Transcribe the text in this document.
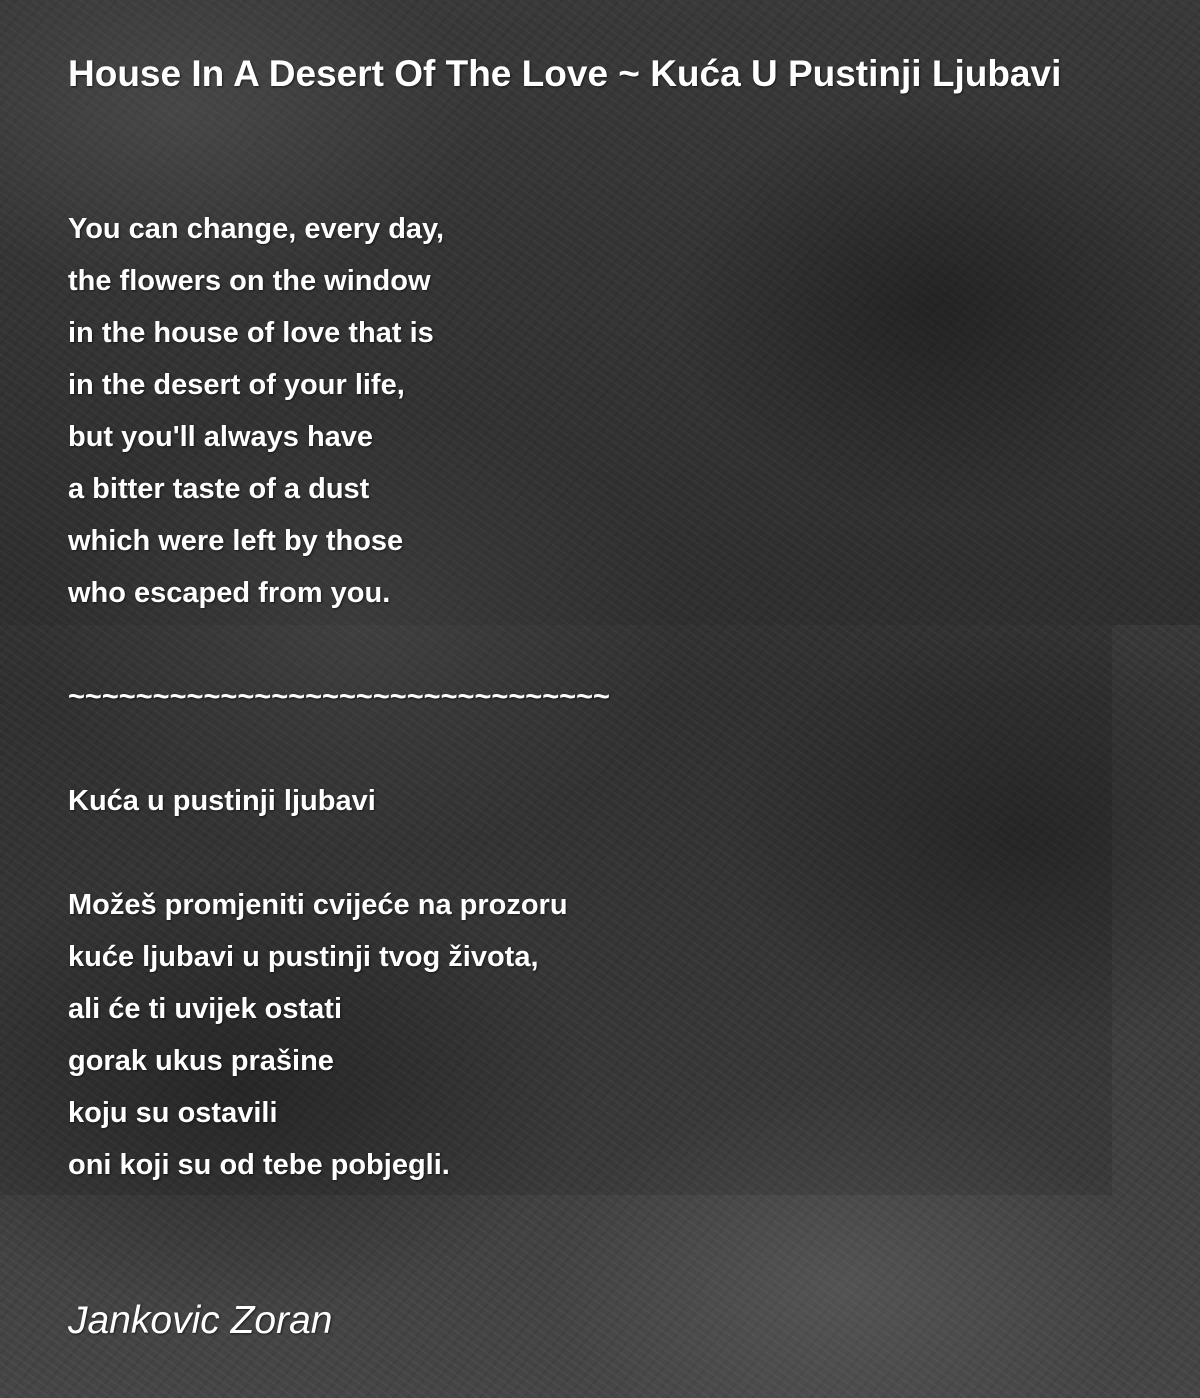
House In A Desert Of The Love ~ Kuća U Pustinji Ljubavi
You can change, every day,
the flowers on the window
in the house of love that is
in the desert of your life,
but you'll always have
a bitter taste of a dust
which were left by those
who escaped from you.
~~~~~~~~~~~~~~~~~~~~~~~~~~~~~~~~
Kuća u pustinji ljubavi
Možeš promjeniti cvijeće na prozoru
kuće ljubavi u pustinji tvog života,
ali će ti uvijek ostati
gorak ukus prašine
koju su ostavili
oni koji su od tebe pobjegli.
Jankovic Zoran
